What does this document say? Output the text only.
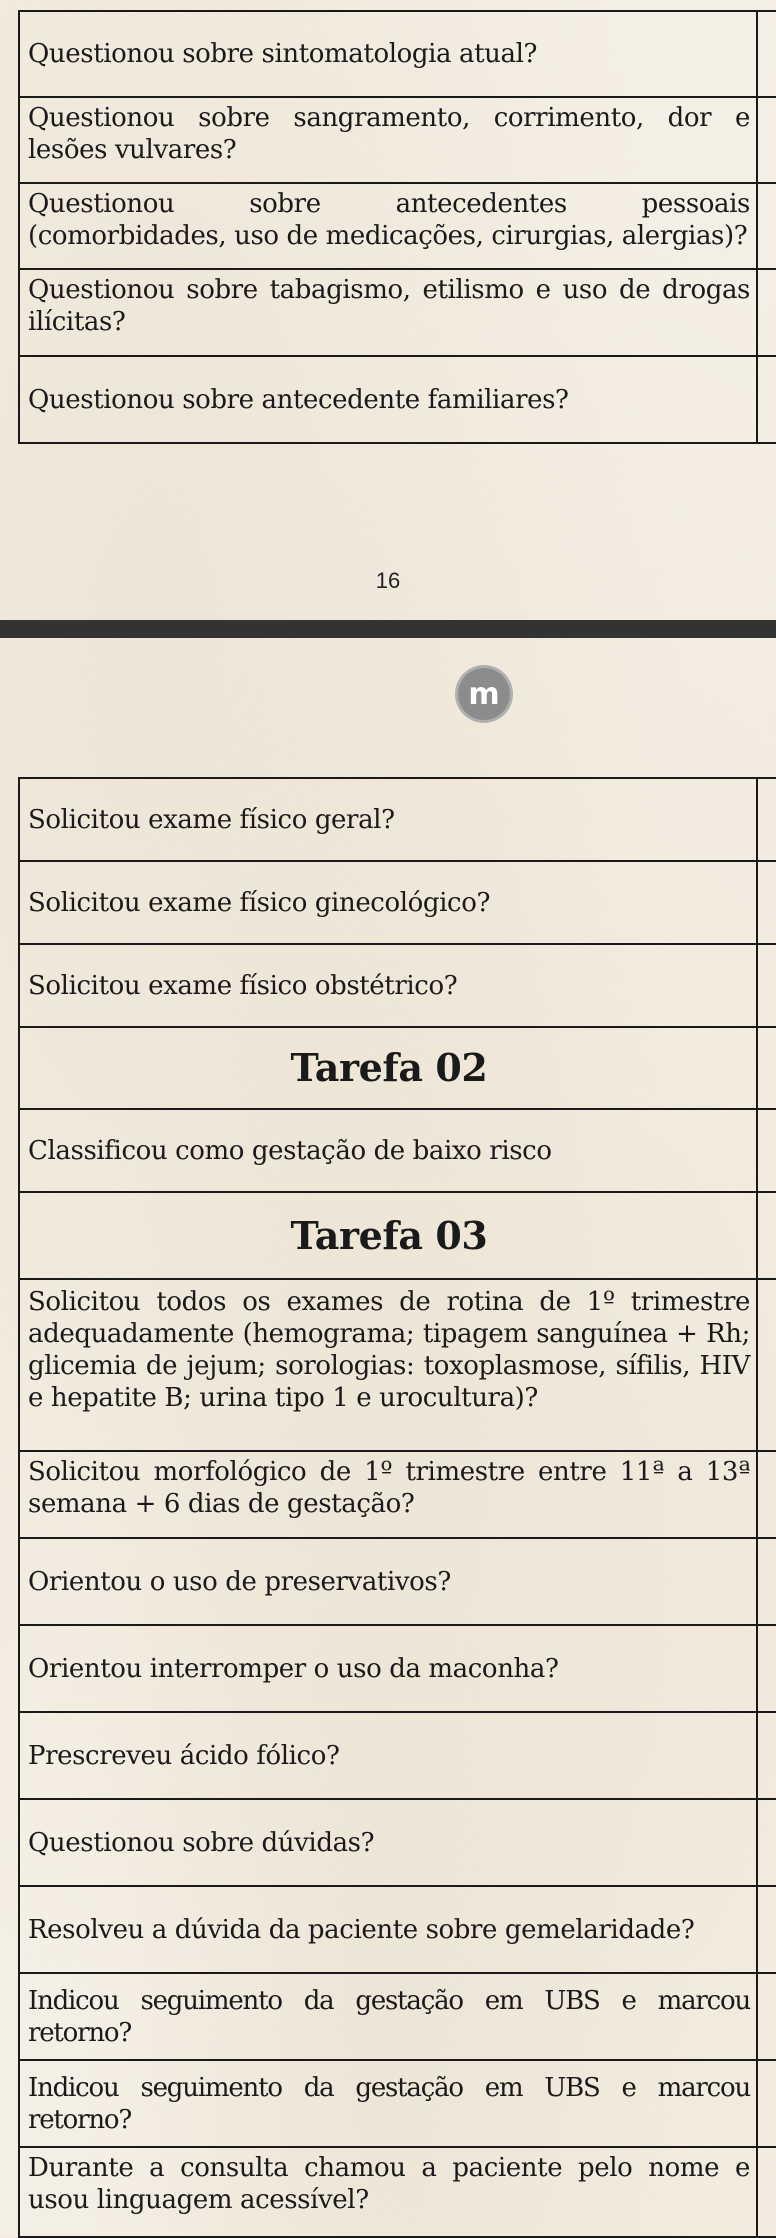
Questionou sobre sintomatologia atual?
Questionou sobre sangramento, corrimento, dor e lesões vulvares?
Questionou sobre antecedentes pessoais (comorbidades, uso de medicações, cirurgias, alergias)?
Questionou sobre tabagismo, etilismo e uso de drogas ilícitas?
Questionou sobre antecedente familiares?
16
m
Solicitou exame físico geral?
Solicitou exame físico ginecológico?
Solicitou exame físico obstétrico?
Tarefa 02
Classificou como gestação de baixo risco
Tarefa 03
Solicitou todos os exames de rotina de 1º trimestre adequadamente (hemograma; tipagem sanguínea + Rh; glicemia de jejum; sorologias: toxoplasmose, sífilis, HIV e hepatite B; urina tipo 1 e urocultura)?
Solicitou morfológico de 1º trimestre entre 11ª a 13ª semana + 6 dias de gestação?
Orientou o uso de preservativos?
Orientou interromper o uso da maconha?
Prescreveu ácido fólico?
Questionou sobre dúvidas?
Resolveu a dúvida da paciente sobre gemelaridade?
Indicou seguimento da gestação em UBS e marcou retorno?
Indicou seguimento da gestação em UBS e marcou retorno?
Durante a consulta chamou a paciente pelo nome e usou linguagem acessível?
